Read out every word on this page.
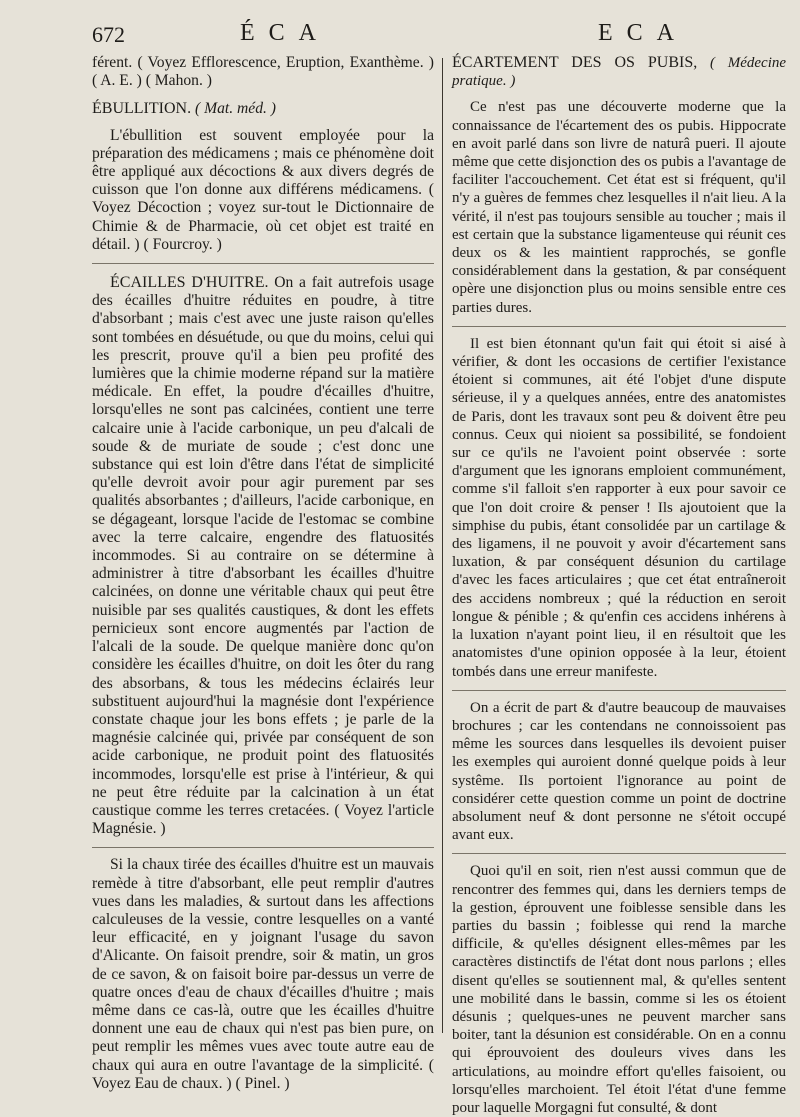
672	ÉCA	ECA

férent. ( Voyez Efflorescence, Eruption, Exanthème. ) ( A. E. ) ( Mahon. )

ÉBULLITION. ( Mat. méd. )

L'ébullition est souvent employée pour la préparation des médicamens ; mais ce phénomène doit être appliqué aux décoctions & aux divers degrés de cuisson que l'on donne aux différens médicamens. ( Voyez Décoction ; voyez sur-tout le Dictionnaire de Chimie & de Pharmacie, où cet objet est traité en détail. ) ( Fourcroy. )

ÉCAILLES D'HUITRE. On a fait autrefois usage des écailles d'huitre réduites en poudre, à titre d'absorbant ; mais c'est avec une juste raison qu'elles sont tombées en désuétude, ou que du moins, celui qui les prescrit, prouve qu'il a bien peu profité des lumières que la chimie moderne répand sur la matière médicale. En effet, la poudre d'écailles d'huitre, lorsqu'elles ne sont pas calcinées, contient une terre calcaire unie à l'acide carbonique, un peu d'alcali de soude & de muriate de soude ; c'est donc une substance qui est loin d'être dans l'état de simplicité qu'elle devroit avoir pour agir purement par ses qualités absorbantes ; d'ailleurs, l'acide carbonique, en se dégageant, lorsque l'acide de l'estomac se combine avec la terre calcaire, engendre des flatuosités incommodes. Si au contraire on se détermine à administrer à titre d'absorbant les écailles d'huitre calcinées, on donne une véritable chaux qui peut être nuisible par ses qualités caustiques, & dont les effets pernicieux sont encore augmentés par l'action de l'alcali de la soude. De quelque manière donc qu'on considère les écailles d'huitre, on doit les ôter du rang des absorbans, & tous les médecins éclairés leur substituent aujourd'hui la magnésie dont l'expérience constate chaque jour les bons effets ; je parle de la magnésie calcinée qui, privée par conséquent de son acide carbonique, ne produit point des flatuosités incommodes, lorsqu'elle est prise à l'intérieur, & qui ne peut être réduite par la calcination à un état caustique comme les terres cretacées. ( Voyez l'article Magnésie. )

Si la chaux tirée des écailles d'huitre est un mauvais remède à titre d'absorbant, elle peut remplir d'autres vues dans les maladies, & surtout dans les affections calculeuses de la vessie, contre lesquelles on a vanté leur efficacité, en y joignant l'usage du savon d'Alicante. On faisoit prendre, soir & matin, un gros de ce savon, & on faisoit boire par-dessus un verre de quatre onces d'eau de chaux d'écailles d'huitre ; mais même dans ce cas-là, outre que les écailles d'huitre donnent une eau de chaux qui n'est pas bien pure, on peut remplir les mêmes vues avec toute autre eau de chaux qui aura en outre l'avantage de la simplicité. ( Voyez Eau de chaux. ) ( Pinel. )

ÉCARTEMENT DES OS PUBIS, ( Médecine pratique. )

Ce n'est pas une découverte moderne que la connaissance de l'écartement des os pubis. Hippocrate en avoit parlé dans son livre de naturâ pueri. Il ajoute même que cette disjonction des os pubis a l'avantage de faciliter l'accouchement. Cet état est si fréquent, qu'il n'y a guères de femmes chez lesquelles il n'ait lieu. A la vérité, il n'est pas toujours sensible au toucher ; mais il est certain que la substance ligamenteuse qui réunit ces deux os & les maintient rapprochés, se gonfle considérablement dans la gestation, & par conséquent opère une disjonction plus ou moins sensible entre ces parties dures.

Il est bien étonnant qu'un fait qui étoit si aisé à vérifier, & dont les occasions de certifier l'existance étoient si communes, ait été l'objet d'une dispute sérieuse, il y a quelques années, entre des anatomistes de Paris, dont les travaux sont peu & doivent être peu connus. Ceux qui nioient sa possibilité, se fondoient sur ce qu'ils ne l'avoient point observée : sorte d'argument que les ignorans emploient communément, comme s'il falloit s'en rapporter à eux pour savoir ce que l'on doit croire & penser ! Ils ajoutoient que la simphise du pubis, étant consolidée par un cartilage & des ligamens, il ne pouvoit y avoir d'écartement sans luxation, & par conséquent désunion du cartilage d'avec les faces articulaires ; que cet état entraîneroit des accidens nombreux ; qué la réduction en seroit longue & pénible ; & qu'enfin ces accidens inhérens à la luxation n'ayant point lieu, il en résultoit que les anatomistes d'une opinion opposée à la leur, étoient tombés dans une erreur manifeste.

On a écrit de part & d'autre beaucoup de mauvaises brochures ; car les contendans ne connoissoient pas même les sources dans lesquelles ils devoient puiser les exemples qui auroient donné quelque poids à leur systême. Ils portoient l'ignorance au point de considérer cette question comme un point de doctrine absolument neuf & dont personne ne s'étoit occupé avant eux.

Quoi qu'il en soit, rien n'est aussi commun que de rencontrer des femmes qui, dans les derniers temps de la gestion, éprouvent une foiblesse sensible dans les parties du bassin ; foiblesse qui rend la marche difficile, & qu'elles désignent elles-mêmes par les caractères distinctifs de l'état dont nous parlons ; elles disent qu'elles se soutiennent mal, & qu'elles sentent une mobilité dans le bassin, comme si les os étoient désunis ; quelques-unes ne peuvent marcher sans boiter, tant la désunion est considérable. On en a connu qui éprouvoient des douleurs vives dans les articulations, au moindre effort qu'elles faisoient, ou lorsqu'elles marchoient. Tel étoit l'état d'une femme pour laquelle Morgagni fut consulté, & dont
